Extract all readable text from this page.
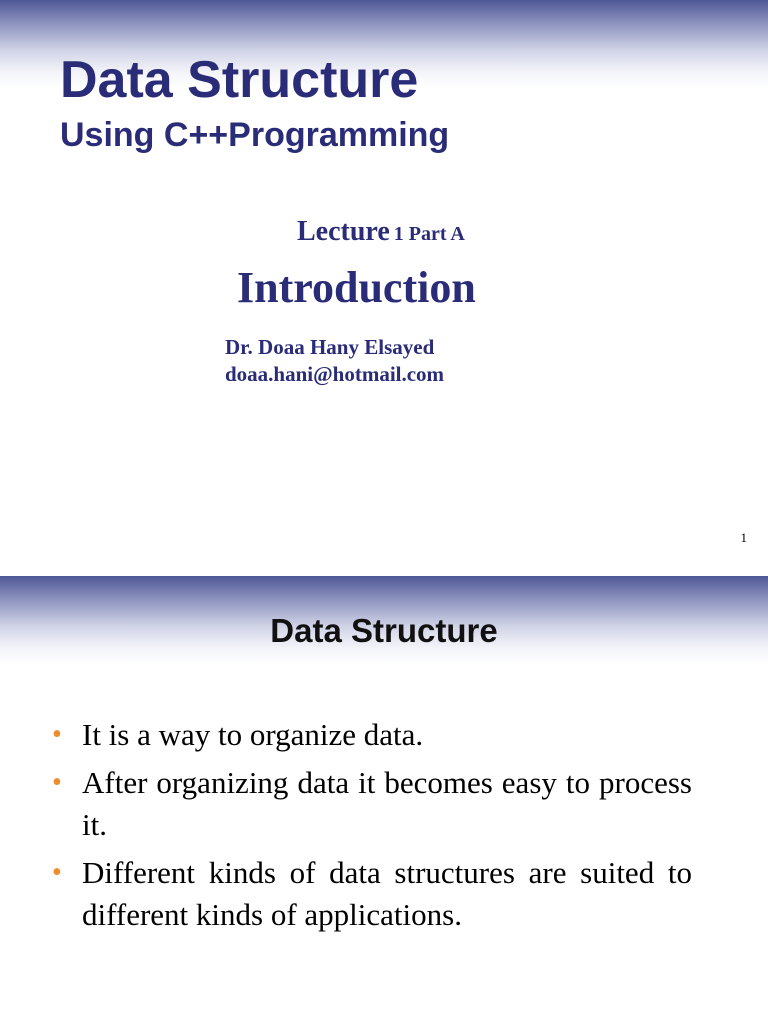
Data Structure
Using C++Programming
Lecture 1 Part A
Introduction
Dr. Doaa Hany Elsayed
doaa.hani@hotmail.com
1
Data Structure
• It is a way to organize data.
• After organizing data it becomes easy to process it.
• Different kinds of data structures are suited to different kinds of applications.
